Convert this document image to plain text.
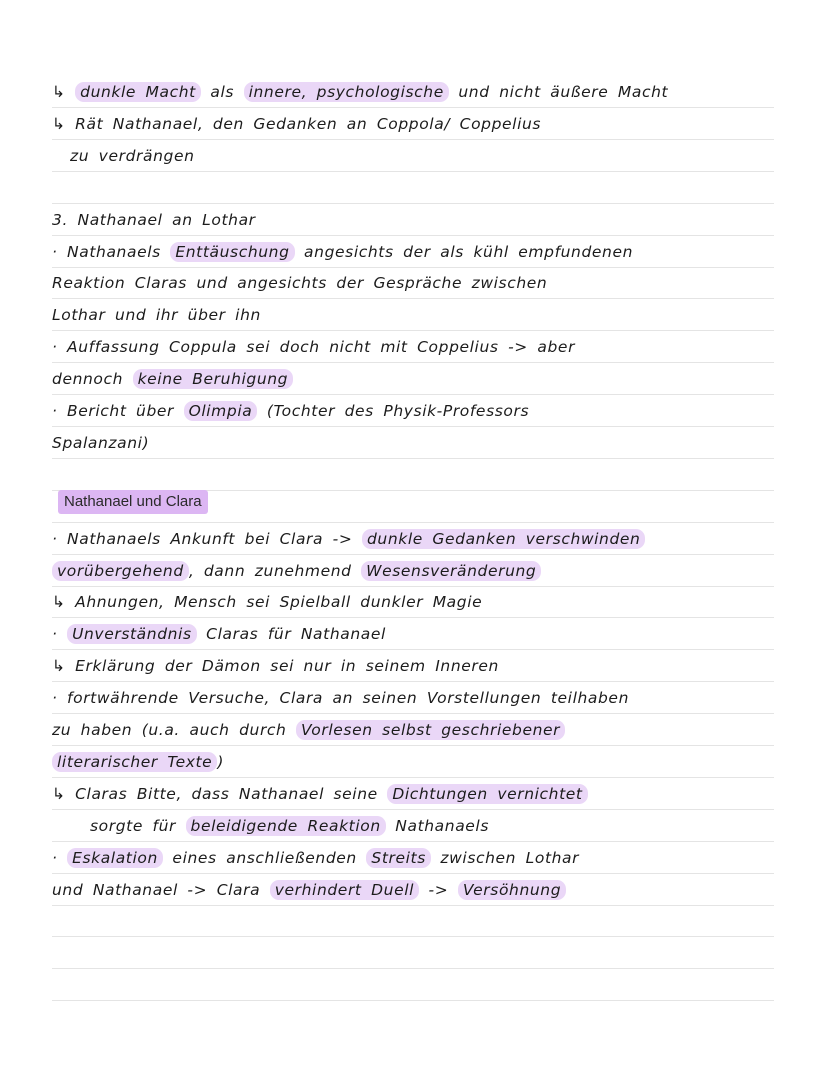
↳ dunkle Macht als innere, psychologische und nicht äußere Macht
↳ Rät Nathanael, den Gedanken an Coppola/ Coppelius
zu verdrängen
3. Nathanael an Lothar
· Nathanaels Enttäuschung angesichts der als kühl empfundenen
Reaktion Claras und angesichts der Gespräche zwischen
Lothar und ihr über ihn
· Auffassung Coppula sei doch nicht mit Coppelius -> aber
dennoch keine Beruhigung
· Bericht über Olimpia (Tochter des Physik-Professors
Spalanzani)
· Nathanaels Ankunft bei Clara -> dunkle Gedanken verschwinden
vorübergehend , dann zunehmend Wesensveränderung
↳ Ahnungen, Mensch sei Spielball dunkler Magie
· Unverständnis Claras für Nathanael
↳ Erklärung der Dämon sei nur in seinem Inneren
· fortwährende Versuche, Clara an seinen Vorstellungen teilhaben
zu haben (u.a. auch durch Vorlesen selbst geschriebener
literarischer Texte )
↳ Claras Bitte, dass Nathanael seine Dichtungen vernichtet
sorgte für beleidigende Reaktion Nathanaels
· Eskalation eines anschließenden Streits zwischen Lothar
und Nathanael -> Clara verhindert Duell -> Versöhnung
Nathanael und Clara
